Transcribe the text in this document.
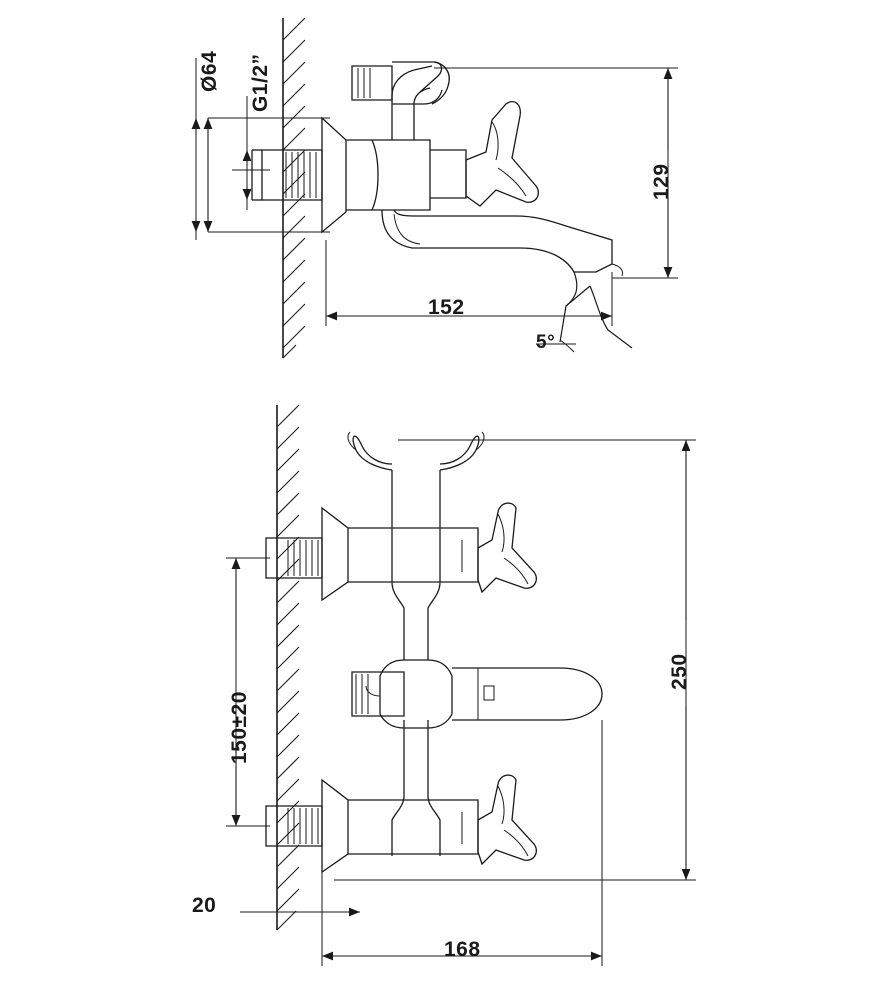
Ø64 G1/2”
129
152
5°
150±20
250
20
168
